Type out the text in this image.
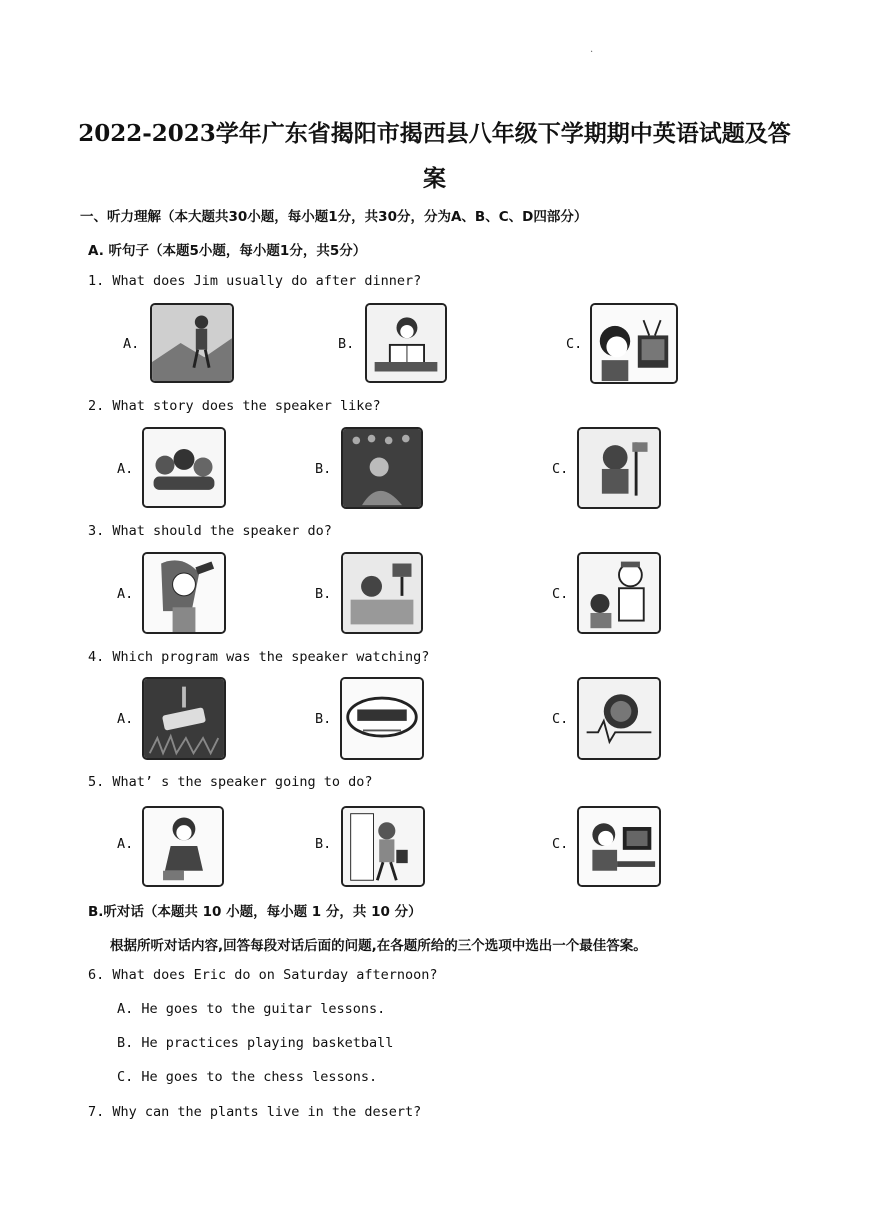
.
2022-2023学年广东省揭阳市揭西县八年级下学期期中英语试题及答
案
一、听力理解（本大题共30小题，每小题1分，共30分，分为A、B、C、D四部分）
A. 听句子（本题5小题，每小题1分，共5分）
1. What does Jim usually do after dinner?
A.	B.	C.
2. What story does the speaker like?
A.	B.	C.
3. What should the speaker do?
A.	B.	C.
4. Which program was the speaker watching?
A.	B.	C.
5. What’ s the speaker going to do?
A.	B.	C.
B.听对话（本题共 10 小题，每小题 1 分，共 10 分）
根据所听对话内容,回答每段对话后面的问题,在各题所给的三个选项中选出一个最佳答案。
6. What does Eric do on Saturday afternoon?
A. He goes to the guitar lessons.
B. He practices playing basketball
C. He goes to the chess lessons.
7. Why can the plants live in the desert?
